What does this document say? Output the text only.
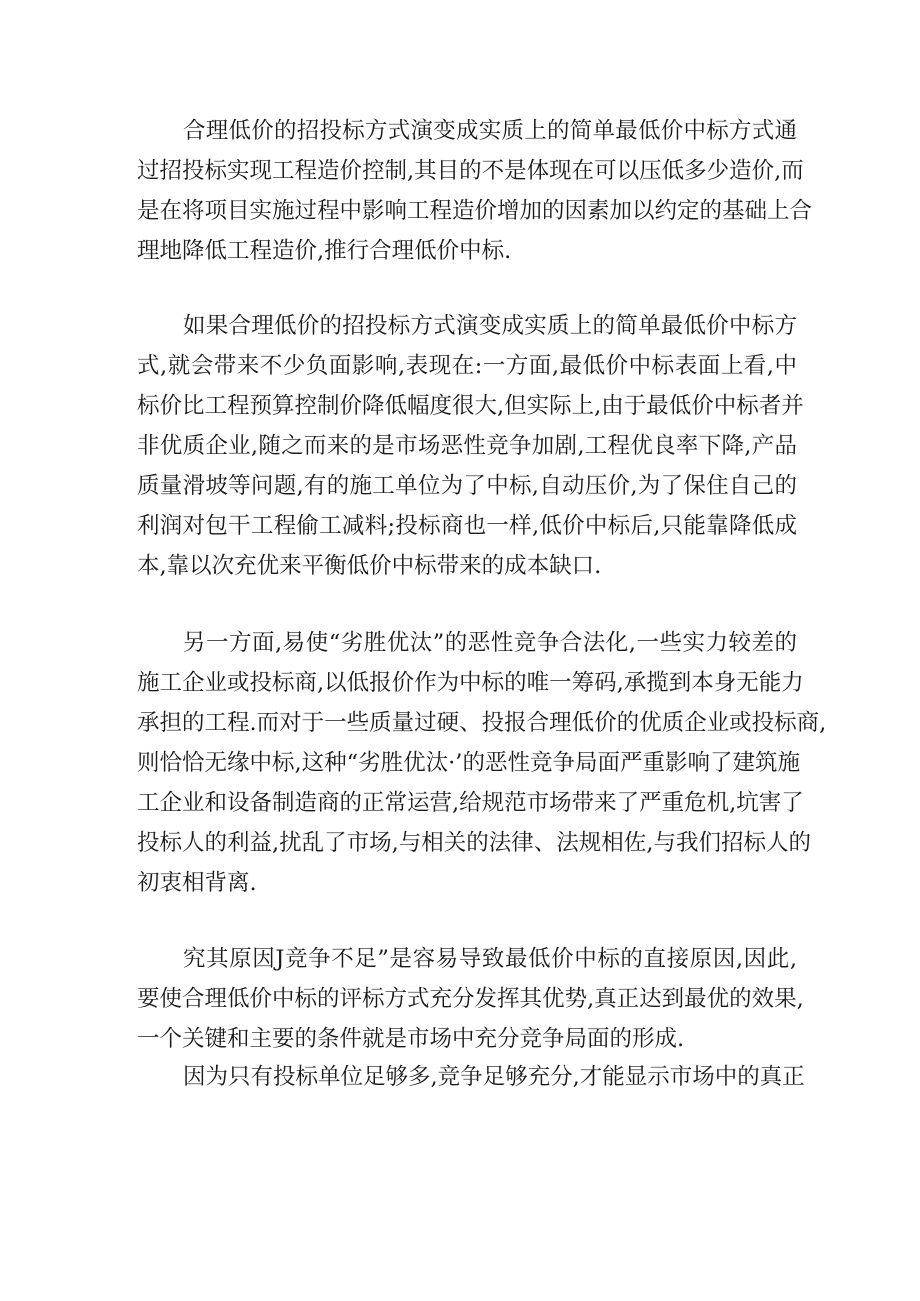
合理低价的招投标方式演变成实质上的简单最低价中标方式通
过招投标实现工程造价控制,其目的不是体现在可以压低多少造价,而
是在将项目实施过程中影响工程造价增加的因素加以约定的基础上合
理地降低工程造价,推行合理低价中标.
如果合理低价的招投标方式演变成实质上的简单最低价中标方
式,就会带来不少负面影响,表现在:一方面,最低价中标表面上看,中
标价比工程预算控制价降低幅度很大,但实际上,由于最低价中标者并
非优质企业,随之而来的是市场恶性竞争加剧,工程优良率下降,产品
质量滑坡等问题,有的施工单位为了中标,自动压价,为了保住自己的
利润对包干工程偷工减料;投标商也一样,低价中标后,只能靠降低成
本,靠以次充优来平衡低价中标带来的成本缺口.
另一方面,易使“劣胜优汰”的恶性竞争合法化,一些实力较差的
施工企业或投标商,以低报价作为中标的唯一筹码,承揽到本身无能力
承担的工程.而对于一些质量过硬、投报合理低价的优质企业或投标商,
则恰恰无缘中标,这种“劣胜优汰·’的恶性竞争局面严重影响了建筑施
工企业和设备制造商的正常运营,给规范市场带来了严重危机,坑害了
投标人的利益,扰乱了市场,与相关的法律、法规相佐,与我们招标人的
初衷相背离.
究其原因J竞争不足”是容易导致最低价中标的直接原因,因此,
要使合理低价中标的评标方式充分发挥其优势,真正达到最优的效果,
一个关键和主要的条件就是市场中充分竞争局面的形成.
因为只有投标单位足够多,竞争足够充分,才能显示市场中的真正
